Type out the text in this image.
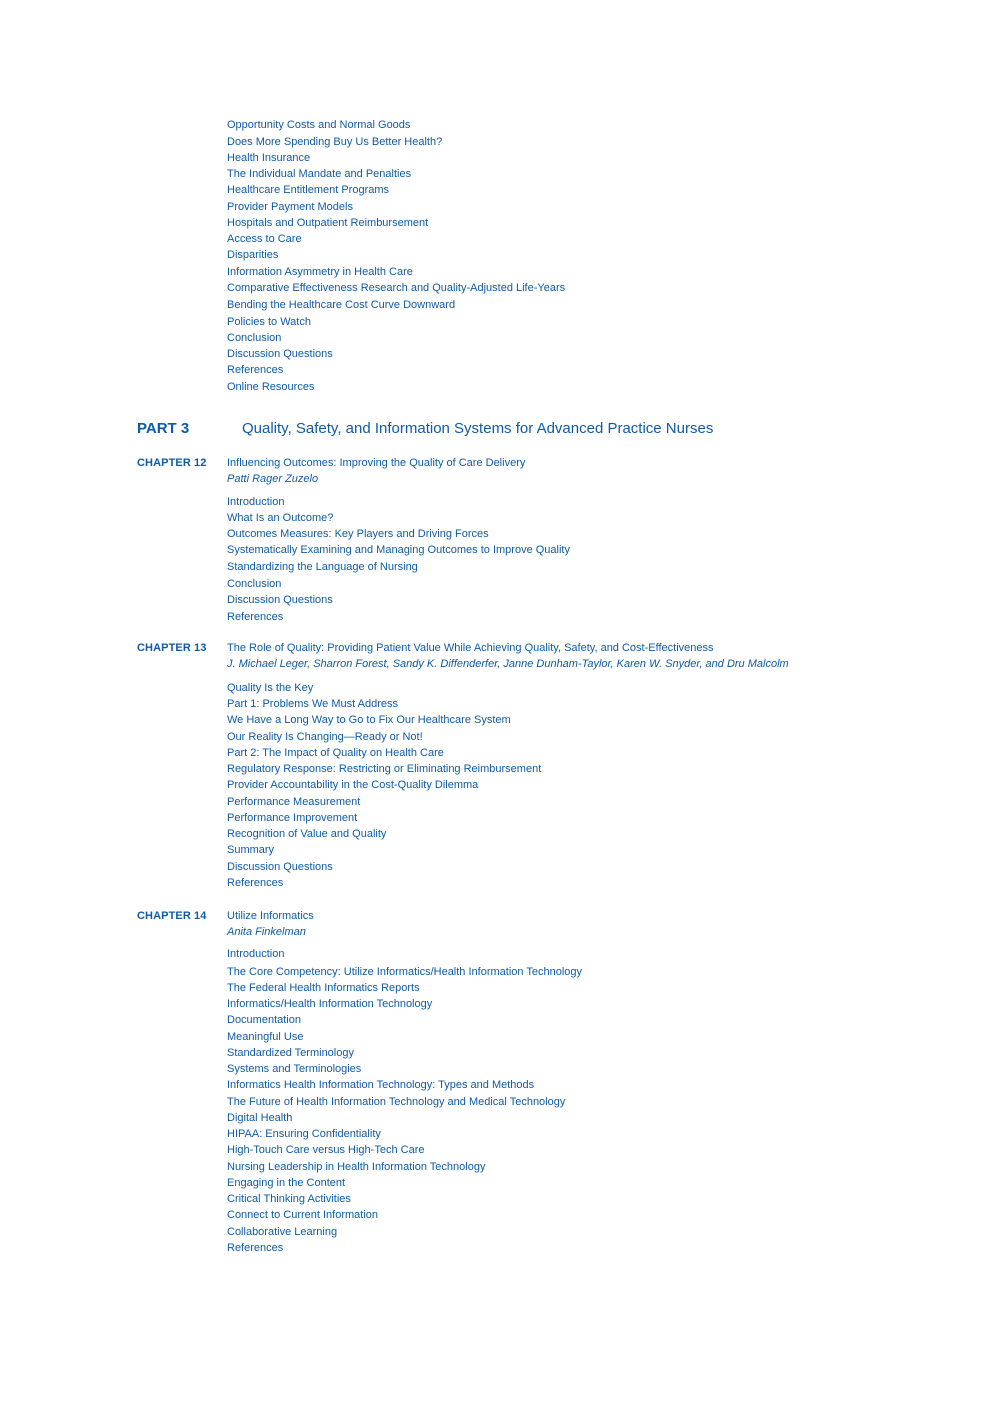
Opportunity Costs and Normal Goods
Does More Spending Buy Us Better Health?
Health Insurance
The Individual Mandate and Penalties
Healthcare Entitlement Programs
Provider Payment Models
Hospitals and Outpatient Reimbursement
Access to Care
Disparities
Information Asymmetry in Health Care
Comparative Effectiveness Research and Quality-Adjusted Life-Years
Bending the Healthcare Cost Curve Downward
Policies to Watch
Conclusion
Discussion Questions
References
Online Resources
PART 3	Quality, Safety, and Information Systems for Advanced Practice Nurses
CHAPTER 12 Influencing Outcomes: Improving the Quality of Care Delivery
Patti Rager Zuzelo
Introduction
What Is an Outcome?
Outcomes Measures: Key Players and Driving Forces
Systematically Examining and Managing Outcomes to Improve Quality
Standardizing the Language of Nursing
Conclusion
Discussion Questions
References
CHAPTER 13 The Role of Quality: Providing Patient Value While Achieving Quality, Safety, and Cost-Effectiveness
J. Michael Leger, Sharron Forest, Sandy K. Diffenderfer, Janne Dunham-Taylor, Karen W. Snyder, and Dru Malcolm
Quality Is the Key
Part 1: Problems We Must Address
We Have a Long Way to Go to Fix Our Healthcare System
Our Reality Is Changing—Ready or Not!
Part 2: The Impact of Quality on Health Care
Regulatory Response: Restricting or Eliminating Reimbursement
Provider Accountability in the Cost-Quality Dilemma
Performance Measurement
Performance Improvement
Recognition of Value and Quality
Summary
Discussion Questions
References
CHAPTER 14 Utilize Informatics
Anita Finkelman
Introduction
The Core Competency: Utilize Informatics/Health Information Technology
The Federal Health Informatics Reports
Informatics/Health Information Technology
Documentation
Meaningful Use
Standardized Terminology
Systems and Terminologies
Informatics Health Information Technology: Types and Methods
The Future of Health Information Technology and Medical Technology
Digital Health
HIPAA: Ensuring Confidentiality
High-Touch Care versus High-Tech Care
Nursing Leadership in Health Information Technology
Engaging in the Content
Critical Thinking Activities
Connect to Current Information
Collaborative Learning
References
